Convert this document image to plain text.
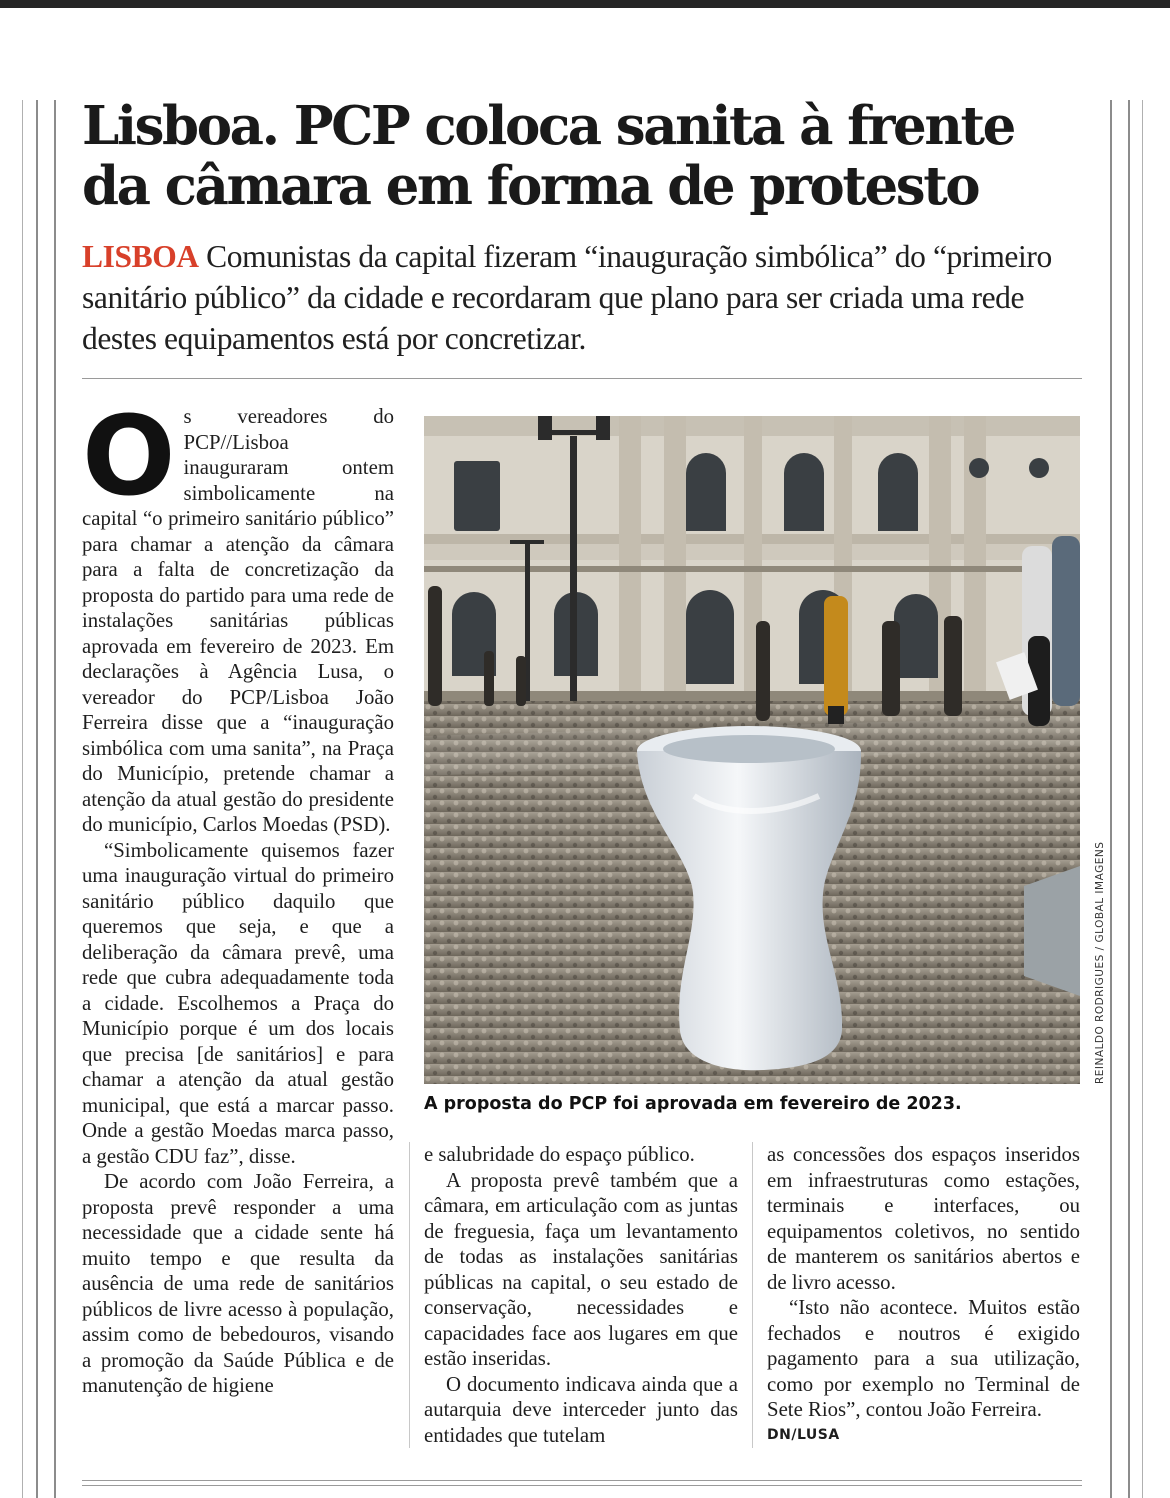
Lisboa. PCP coloca sanita à frente da câmara em forma de protesto

LISBOA Comunistas da capital fizeram “inauguração simbólica” do “primeiro sanitário público” da cidade e recordaram que plano para ser criada uma rede destes equipamentos está por concretizar.

O s vereadores do PCP//Lisboa inauguraram ontem simbolicamente na capital “o primeiro sanitário público” para chamar a atenção da câmara para a falta de concretização da proposta do partido para uma rede de instalações sanitárias públicas aprovada em fevereiro de 2023. Em declarações à Agência Lusa, o vereador do PCP/Lisboa João Ferreira disse que a “inauguração simbólica com uma sanita”, na Praça do Município, pretende chamar a atenção da atual gestão do presidente do município, Carlos Moedas (PSD).

“Simbolicamente quisemos fazer uma inauguração virtual do primeiro sanitário público daquilo que queremos que seja, e que a deliberação da câmara prevê, uma rede que cubra adequadamente toda a cidade. Escolhemos a Praça do Município porque é um dos locais que precisa [de sanitários] e para chamar a atenção da atual gestão municipal, que está a marcar passo. Onde a gestão Moedas marca passo, a gestão CDU faz”, disse.

De acordo com João Ferreira, a proposta prevê responder a uma necessidade que a cidade sente há muito tempo e que resulta da ausência de uma rede de sanitários públicos de livre acesso à população, assim como de bebedouros, visando a promoção da Saúde Pública e de manutenção de higiene

REINALDO RODRIGUES / GLOBAL IMAGENS
A proposta do PCP foi aprovada em fevereiro de 2023.

e salubridade do espaço público.

A proposta prevê também que a câmara, em articulação com as juntas de freguesia, faça um levantamento de todas as instalações sanitárias públicas na capital, o seu estado de conservação, necessidades e capacidades face aos lugares em que estão inseridas.

O documento indicava ainda que a autarquia deve interceder junto das entidades que tutelam

as concessões dos espaços inseridos em infraestruturas como estações, terminais e interfaces, ou equipamentos coletivos, no sentido de manterem os sanitários abertos e de livro acesso.

“Isto não acontece. Muitos estão fechados e noutros é exigido pagamento para a sua utilização, como por exemplo no Terminal de Sete Rios”, contou João Ferreira.

DN/LUSA
